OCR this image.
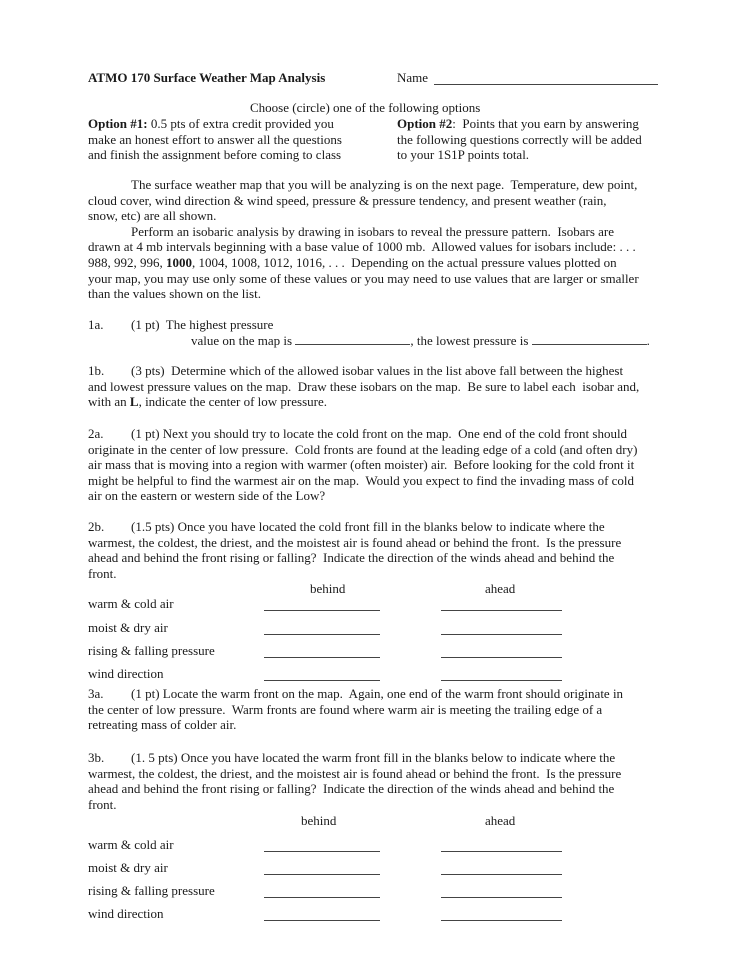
ATMO 170 Surface Weather Map Analysis	Name
Choose (circle) one of the following options
Option #1: 0.5 pts of extra credit provided you
make an honest effort to answer all the questions
and finish the assignment before coming to class
Option #2:  Points that you earn by answering
the following questions correctly will be added
to your 1S1P points total.
The surface weather map that you will be analyzing is on the next page.  Temperature, dew point,
cloud cover, wind direction & wind speed, pressure & pressure tendency, and present weather (rain,
snow, etc) are all shown.
Perform an isobaric analysis by drawing in isobars to reveal the pressure pattern.  Isobars are
drawn at 4 mb intervals beginning with a base value of 1000 mb.  Allowed values for isobars include: . . .
988, 992, 996, 1000, 1004, 1008, 1012, 1016, . . .  Depending on the actual pressure values plotted on
your map, you may use only some of these values or you may need to use values that are larger or smaller
than the values shown on the list.
1a. (1 pt)  The highest pressure
value on the map is	, the lowest pressure is	.
1b. (3 pts)  Determine which of the allowed isobar values in the list above fall between the highest
and lowest pressure values on the map.  Draw these isobars on the map.  Be sure to label each  isobar and,
with an L, indicate the center of low pressure.
2a. (1 pt) Next you should try to locate the cold front on the map.  One end of the cold front should
originate in the center of low pressure.  Cold fronts are found at the leading edge of a cold (and often dry)
air mass that is moving into a region with warmer (often moister) air.  Before looking for the cold front it
might be helpful to find the warmest air on the map.  Would you expect to find the invading mass of cold
air on the eastern or western side of the Low?
2b. (1.5 pts) Once you have located the cold front fill in the blanks below to indicate where the
warmest, the coldest, the driest, and the moistest air is found ahead or behind the front.  Is the pressure
ahead and behind the front rising or falling?  Indicate the direction of the winds ahead and behind the
front.
behind	ahead
warm & cold air
moist & dry air
rising & falling pressure
wind direction
3a. (1 pt) Locate the warm front on the map.  Again, one end of the warm front should originate in
the center of low pressure.  Warm fronts are found where warm air is meeting the trailing edge of a
retreating mass of colder air.
3b. (1. 5 pts) Once you have located the warm front fill in the blanks below to indicate where the
warmest, the coldest, the driest, and the moistest air is found ahead or behind the front.  Is the pressure
ahead and behind the front rising or falling?  Indicate the direction of the winds ahead and behind the
front.
behind	ahead
warm & cold air
moist & dry air
rising & falling pressure
wind direction
